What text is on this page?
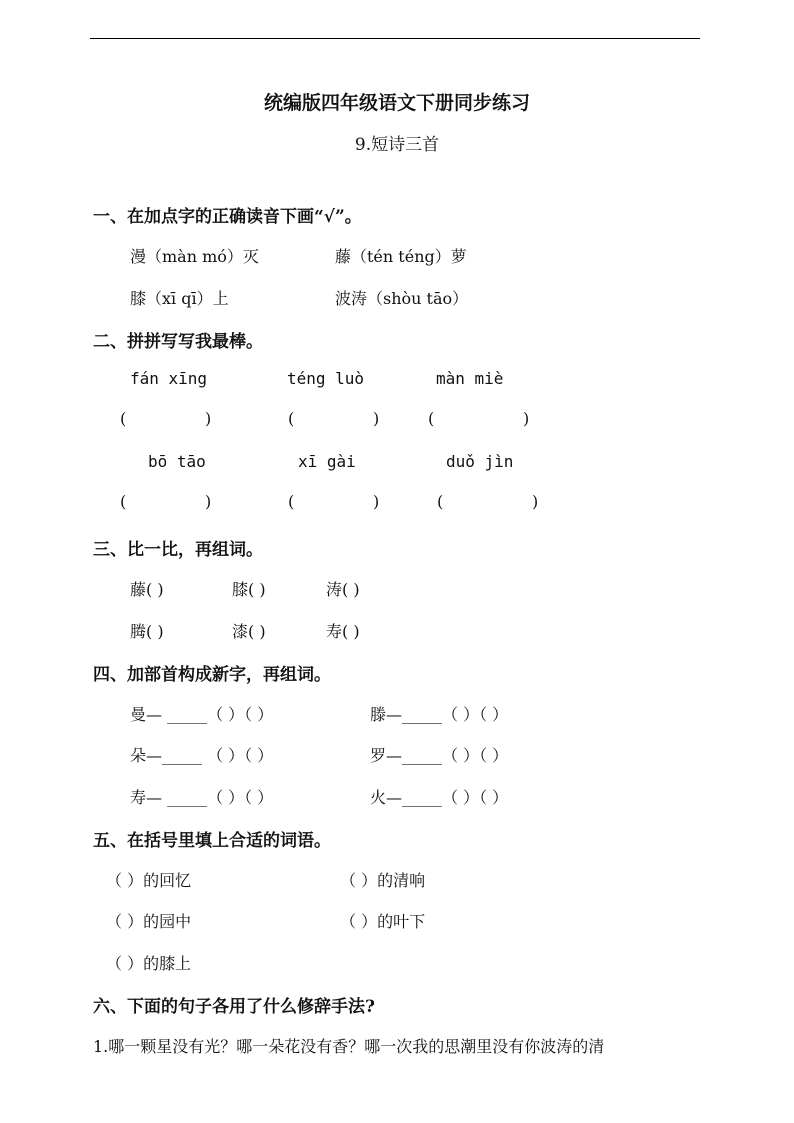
统编版四年级语文下册同步练习
9.短诗三首
一、在加点字的正确读音下画“√”。
漫（màn mó）灭	藤（tén téng）萝
膝（xī qī）上	波涛（shòu tāo）
二、拼拼写写我最棒。
fán xīng	téng luò	màn miè
(	)	(	)	(	)
bō tāo	xī gài	duǒ jìn
(	)	(	)	(	)
三、比一比，再组词。
藤( )	膝( )	涛( )
腾( )	漆( )	寿( )
四、加部首构成新字，再组词。
曼— _____（ ）（ ）	滕—_____（ ）（ ）
朵—_____ （ ）（ ）	罗—_____（ ）（ ）
寿— _____（ ）（ ）	火—_____（ ）（ ）
五、在括号里填上合适的词语。
（ ）的回忆	（ ）的清响
（ ）的园中	（ ）的叶下
（ ）的膝上
六、下面的句子各用了什么修辞手法?
1.哪一颗星没有光？哪一朵花没有香？哪一次我的思潮里没有你波涛的清
